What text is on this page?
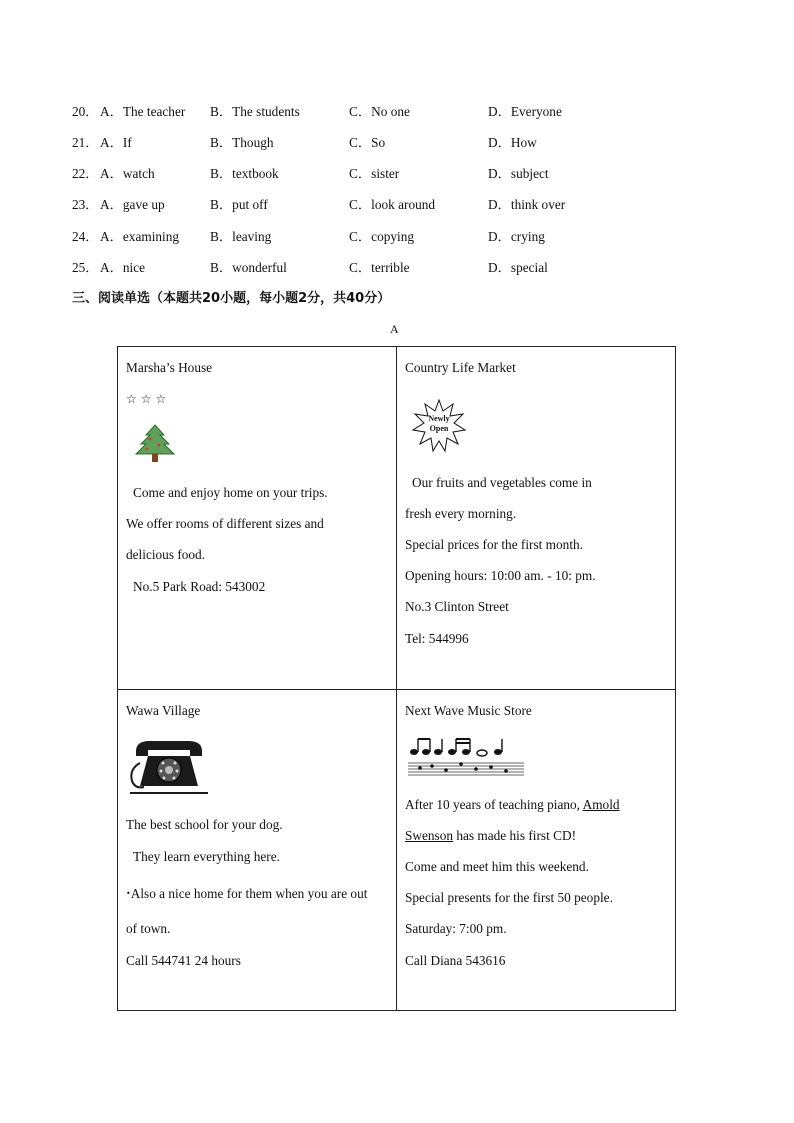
20． A．The teacher B．The students	C．No one	D．Everyone
21． A．If	B．Though	C．So	D．How
22． A．watch	B．textbook	C．sister	D．subject
23． A．gave up	B．put off	C．look around	D．think over
24． A．examining B．leaving	C．copying	D．crying
25． A．nice	B．wonderful	C．terrible	D．special
三、阅读单选（本题共20小题，每小题2分，共40分）
A
Marsha’s House
☆☆☆
Come and enjoy home on your trips.
We offer rooms of different sizes and
delicious food.
No.5 Park Road: 543002
Country Life Market
Newly
Open
Our fruits and vegetables come in
fresh every morning.
Special prices for the first month.
Opening hours: 10:00 am. - 10: pm.
No.3 Clinton Street
Tel: 544996
Wawa Village
The best school for your dog.
They learn everything here.
•Also a nice home for them when you are out
of town.
Call 544741 24 hours
Next Wave Music Store
After 10 years of teaching piano, Amold
Swenson has made his first CD!
Come and meet him this weekend.
Special presents for the first 50 people.
Saturday: 7:00 pm.
Call Diana 543616
